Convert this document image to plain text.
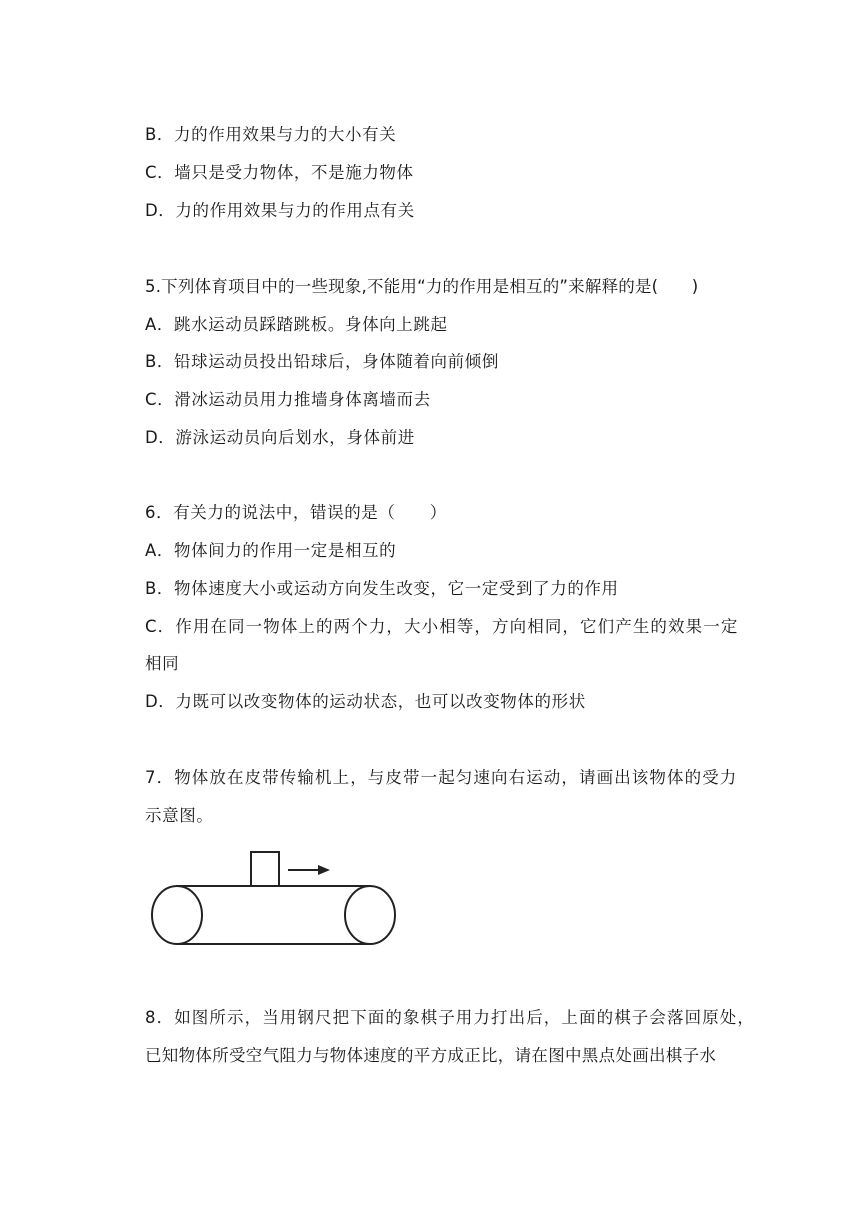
B．力的作用效果与力的大小有关
C．墙只是受力物体，不是施力物体
D．力的作用效果与力的作用点有关
5.下列体育项目中的一些现象,不能用“力的作用是相互的”来解释的是(　　)
A．跳水运动员踩踏跳板。身体向上跳起
B．铅球运动员投出铅球后，身体随着向前倾倒
C．滑冰运动员用力推墙身体离墙而去
D．游泳运动员向后划水，身体前进
6．有关力的说法中，错误的是（　　）
A．物体间力的作用一定是相互的
B．物体速度大小或运动方向发生改变，它一定受到了力的作用
C．作用在同一物体上的两个力，大小相等，方向相同，它们产生的效果一定
相同
D．力既可以改变物体的运动状态，也可以改变物体的形状
7．物体放在皮带传输机上，与皮带一起匀速向右运动，请画出该物体的受力
示意图。
8．如图所示，当用钢尺把下面的象棋子用力打出后，上面的棋子会落回原处，
已知物体所受空气阻力与物体速度的平方成正比，请在图中黑点处画出棋子水
